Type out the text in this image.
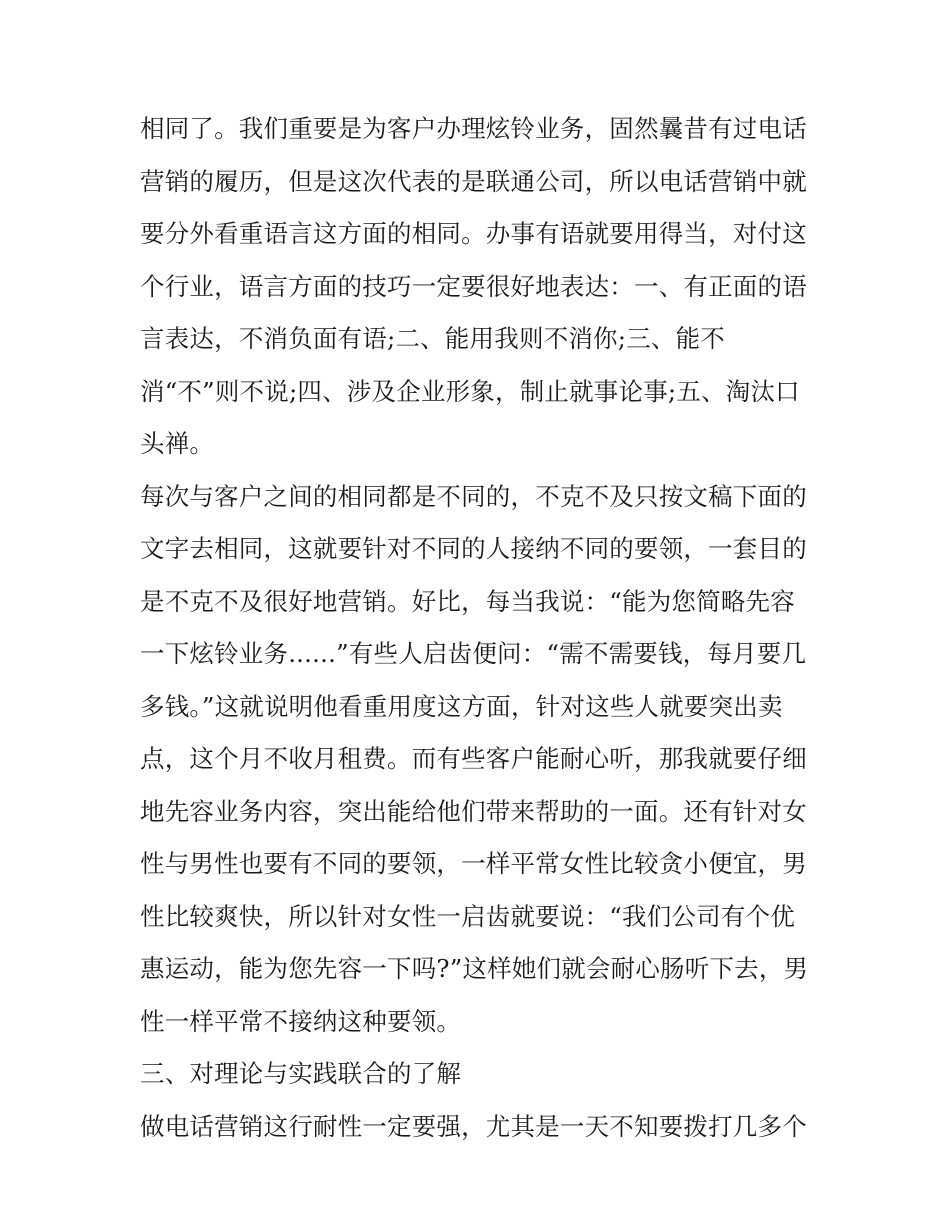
相同了。我们重要是为客户办理炫铃业务，固然曩昔有过电话
营销的履历，但是这次代表的是联通公司，所以电话营销中就
要分外看重语言这方面的相同。办事有语就要用得当，对付这
个行业，语言方面的技巧一定要很好地表达：一、有正面的语
言表达，不消负面有语;二、能用我则不消你;三、能不
消“不”则不说;四、涉及企业形象，制止就事论事;五、淘汰口
头禅。
每次与客户之间的相同都是不同的，不克不及只按文稿下面的
文字去相同，这就要针对不同的人接纳不同的要领，一套目的
是不克不及很好地营销。好比，每当我说：“能为您简略先容
一下炫铃业务......”有些人启齿便问：“需不需要钱，每月要几
多钱。”这就说明他看重用度这方面，针对这些人就要突出卖
点，这个月不收月租费。而有些客户能耐心听，那我就要仔细
地先容业务内容，突出能给他们带来帮助的一面。还有针对女
性与男性也要有不同的要领，一样平常女性比较贪小便宜，男
性比较爽快，所以针对女性一启齿就要说：“我们公司有个优
惠运动，能为您先容一下吗?”这样她们就会耐心肠听下去，男
性一样平常不接纳这种要领。
三、对理论与实践联合的了解
做电话营销这行耐性一定要强，尤其是一天不知要拨打几多个
